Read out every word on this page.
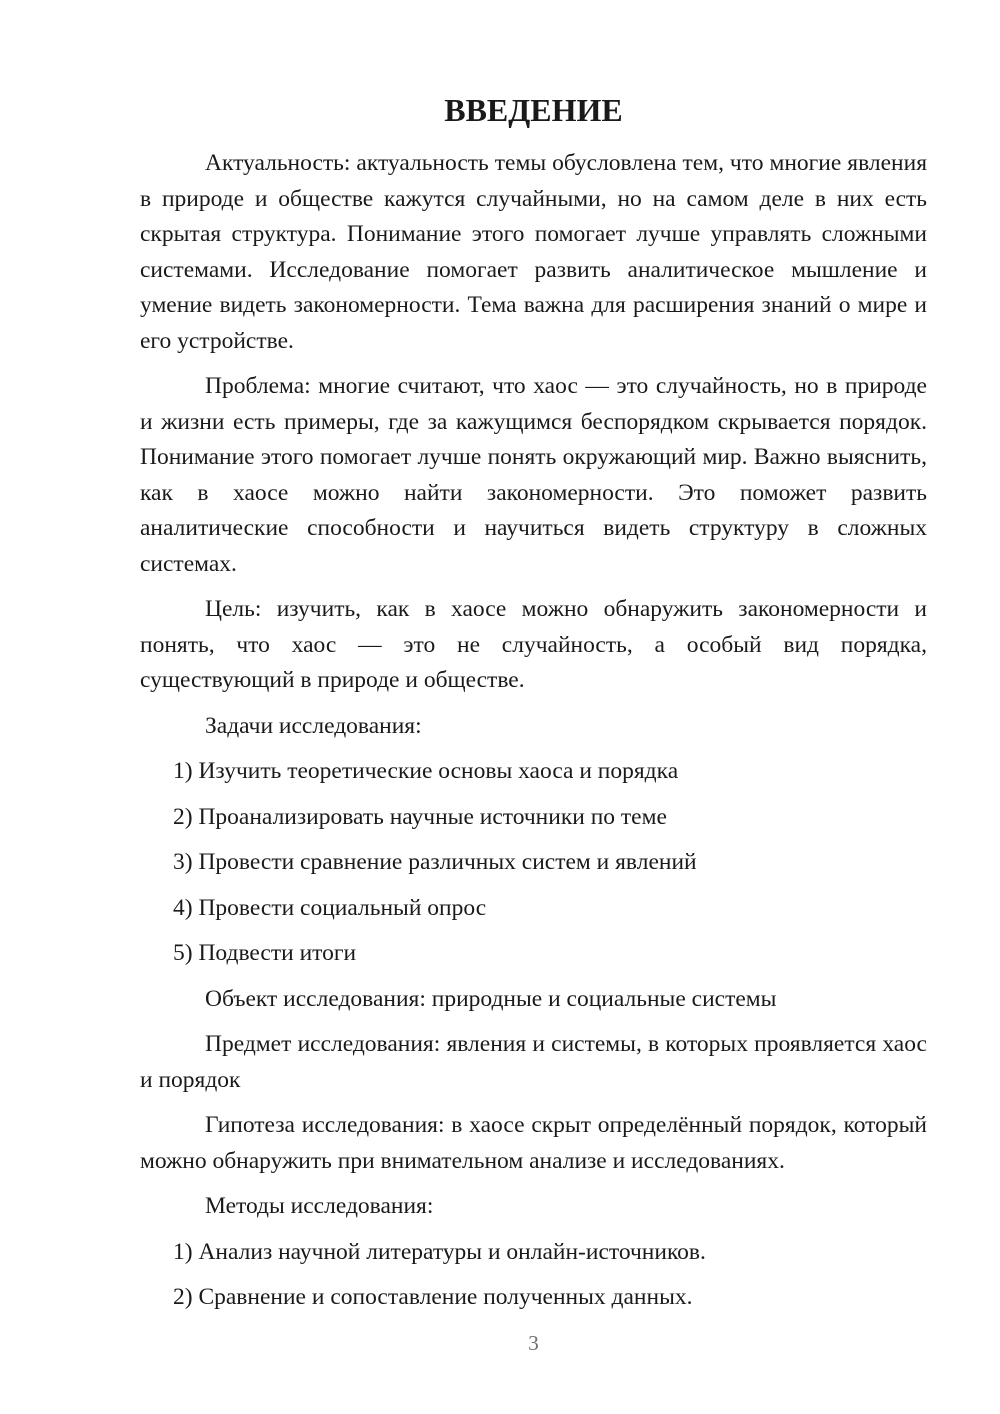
ВВЕДЕНИЕ

Актуальность: актуальность темы обусловлена тем, что многие явления в природе и обществе кажутся случайными, но на самом деле в них есть скрытая структура. Понимание этого помогает лучше управлять сложными системами. Исследование помогает развить аналитическое мышление и умение видеть закономерности. Тема важна для расширения знаний о мире и его устройстве.

Проблема: многие считают, что хаос — это случайность, но в природе и жизни есть примеры, где за кажущимся беспорядком скрывается порядок. Понимание этого помогает лучше понять окружающий мир. Важно выяснить, как в хаосе можно найти закономерности. Это поможет развить аналитические способности и научиться видеть структуру в сложных системах.

Цель: изучить, как в хаосе можно обнаружить закономерности и понять, что хаос — это не случайность, а особый вид порядка, существующий в природе и обществе.

Задачи исследования:

1) Изучить теоретические основы хаоса и порядка

2) Проанализировать научные источники по теме

3) Провести сравнение различных систем и явлений

4) Провести социальный опрос

5) Подвести итоги

Объект исследования: природные и социальные системы

Предмет исследования: явления и системы, в которых проявляется хаос и порядок

Гипотеза исследования: в хаосе скрыт определённый порядок, который можно обнаружить при внимательном анализе и исследованиях.

Методы исследования:

1) Анализ научной литературы и онлайн-источников.

2) Сравнение и сопоставление полученных данных.

3
